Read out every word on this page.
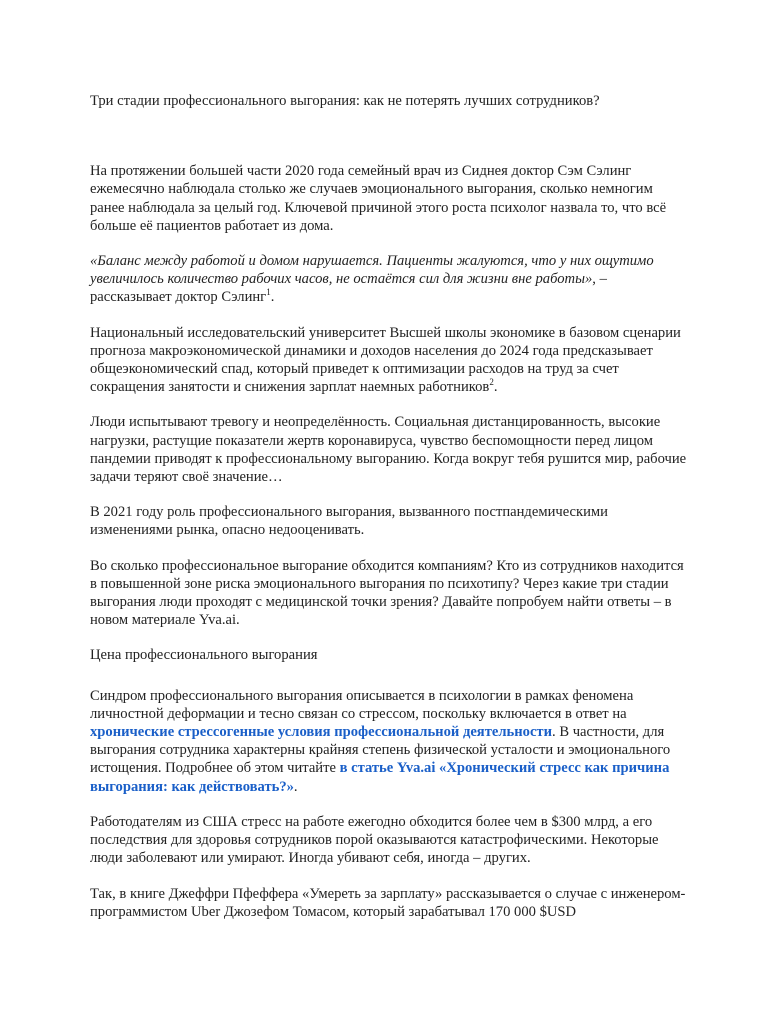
Три стадии профессионального выгорания: как не потерять лучших сотрудников?

На протяжении большей части 2020 года семейный врач из Сиднея доктор Сэм Сэлинг ежемесячно наблюдала столько же случаев эмоционального выгорания, сколько немногим ранее наблюдала за целый год. Ключевой причиной этого роста психолог назвала то, что всё больше её пациентов работает из дома.

«Баланс между работой и домом нарушается. Пациенты жалуются, что у них ощутимо увеличилось количество рабочих часов, не остаётся сил для жизни вне работы», – рассказывает доктор Сэлинг$^1$.

Национальный исследовательский университет Высшей школы экономике в базовом сценарии прогноза макроэкономической динамики и доходов населения до 2024 года предсказывает общеэкономический спад, который приведет к оптимизации расходов на труд за счет сокращения занятости и снижения зарплат наемных работников$^2$.

Люди испытывают тревогу и неопределённость. Социальная дистанцированность, высокие нагрузки, растущие показатели жертв коронавируса, чувство беспомощности перед лицом пандемии приводят к профессиональному выгоранию. Когда вокруг тебя рушится мир, рабочие задачи теряют своё значение…

В 2021 году роль профессионального выгорания, вызванного постпандемическими изменениями рынка, опасно недооценивать.

Во сколько профессиональное выгорание обходится компаниям? Кто из сотрудников находится в повышенной зоне риска эмоционального выгорания по психотипу? Через какие три стадии выгорания люди проходят с медицинской точки зрения? Давайте попробуем найти ответы – в новом материале Yva.ai.

Цена профессионального выгорания

Синдром профессионального выгорания описывается в психологии в рамках феномена личностной деформации и тесно связан со стрессом, поскольку включается в ответ на хронические стрессогенные условия профессиональной деятельности. В частности, для выгорания сотрудника характерны крайняя степень физической усталости и эмоционального истощения. Подробнее об этом читайте в статье Yva.ai «Хронический стресс как причина выгорания: как действовать?».

Работодателям из США стресс на работе ежегодно обходится более чем в $300 млрд, а его последствия для здоровья сотрудников порой оказываются катастрофическими. Некоторые люди заболевают или умирают. Иногда убивают себя, иногда – других.

Так, в книге Джеффри Пфеффера «Умереть за зарплату» рассказывается о случае с инженером-программистом Uber Джозефом Томасом, который зарабатывал 170 000 $USD
